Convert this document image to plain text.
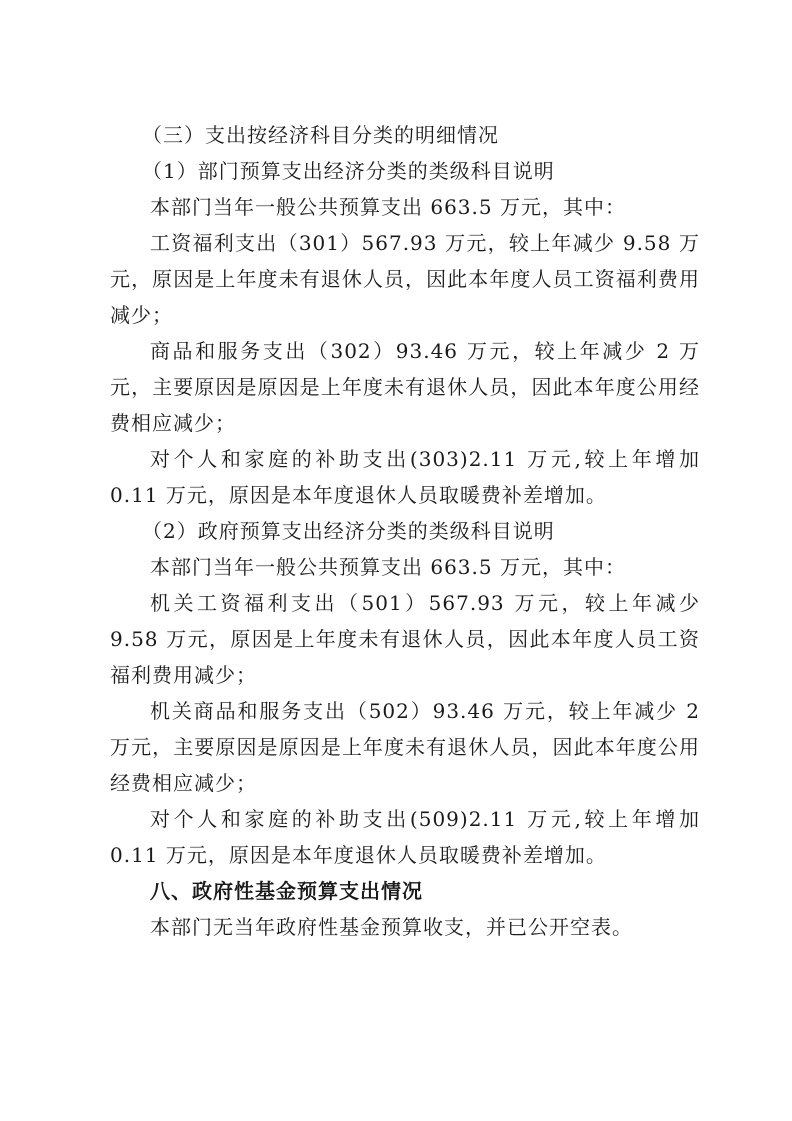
（三）支出按经济科目分类的明细情况

（1）部门预算支出经济分类的类级科目说明

本部门当年一般公共预算支出 663.5 万元，其中：

工资福利支出（301）567.93 万元，较上年减少 9.58 万元，原因是上年度未有退休人员，因此本年度人员工资福利费用减少；

商品和服务支出（302）93.46 万元，较上年减少 2 万元，主要原因是原因是上年度未有退休人员，因此本年度公用经费相应减少；

对个人和家庭的补助支出(303)2.11 万元,较上年增加 0.11 万元，原因是本年度退休人员取暖费补差增加。

（2）政府预算支出经济分类的类级科目说明

本部门当年一般公共预算支出 663.5 万元，其中：

机关工资福利支出（501）567.93 万元，较上年减少 9.58 万元，原因是上年度未有退休人员，因此本年度人员工资福利费用减少；

机关商品和服务支出（502）93.46 万元，较上年减少 2 万元，主要原因是原因是上年度未有退休人员，因此本年度公用经费相应减少；

对个人和家庭的补助支出(509)2.11 万元,较上年增加 0.11 万元，原因是本年度退休人员取暖费补差增加。

八、政府性基金预算支出情况

本部门无当年政府性基金预算收支，并已公开空表。
